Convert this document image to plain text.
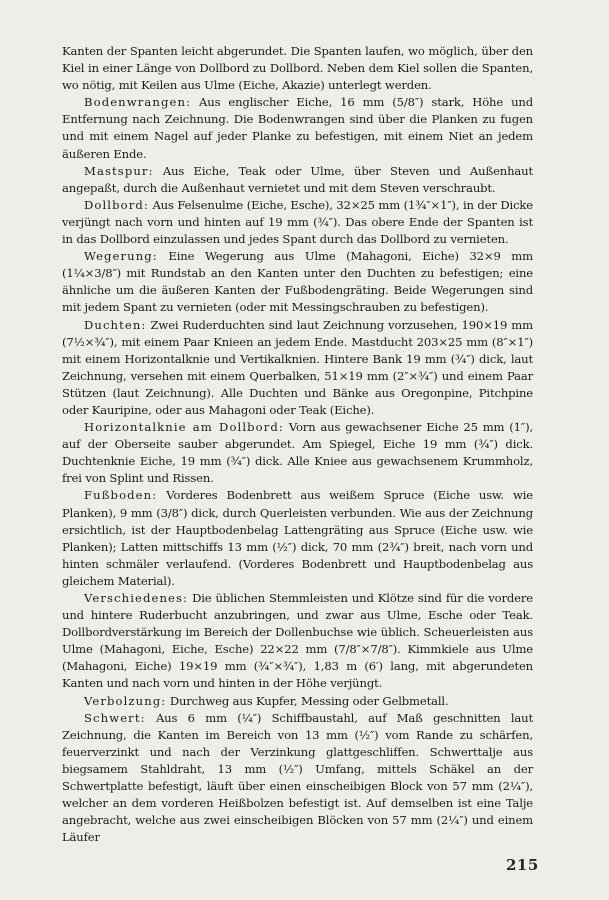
Kanten der Spanten leicht abgerundet. Die Spanten laufen, wo möglich, über den Kiel in einer Länge von Dollbord zu Dollbord. Neben dem Kiel sollen die Spanten, wo nötig, mit Keilen aus Ulme (Eiche, Akazie) unterlegt werden.

Bodenwrangen: Aus englischer Eiche, 16 mm (5/8″) stark, Höhe und Entfernung nach Zeichnung. Die Bodenwrangen sind über die Planken zu fugen und mit einem Nagel auf jeder Planke zu befestigen, mit einem Niet an jedem äußeren Ende.

Mastspur: Aus Eiche, Teak oder Ulme, über Steven und Außenhaut angepaßt, durch die Außenhaut vernietet und mit dem Steven verschraubt.

Dollbord: Aus Felsenulme (Eiche, Esche), 32×25 mm (1¾″×1″), in der Dicke verjüngt nach vorn und hinten auf 19 mm (¾″). Das obere Ende der Spanten ist in das Dollbord einzulassen und jedes Spant durch das Dollbord zu vernieten.

Wegerung: Eine Wegerung aus Ulme (Mahagoni, Eiche) 32×9 mm (1¼×3/8″) mit Rundstab an den Kanten unter den Duchten zu befestigen; eine ähnliche um die äußeren Kanten der Fußbodengräting. Beide Wegerungen sind mit jedem Spant zu vernieten (oder mit Messingschrauben zu befestigen).

Duchten: Zwei Ruderduchten sind laut Zeichnung vorzusehen, 190×19 mm (7½×¾″), mit einem Paar Knieen an jedem Ende. Mastducht 203×25 mm (8″×1″) mit einem Horizontalknie und Vertikalknien. Hintere Bank 19 mm (¾″) dick, laut Zeichnung, versehen mit einem Querbalken, 51×19 mm (2″×¾″) und einem Paar Stützen (laut Zeichnung). Alle Duchten und Bänke aus Oregonpine, Pitchpine oder Kauripine, oder aus Mahagoni oder Teak (Eiche).

Horizontalknie am Dollbord: Vorn aus gewachsener Eiche 25 mm (1″), auf der Oberseite sauber abgerundet. Am Spiegel, Eiche 19 mm (¾″) dick. Duchtenknie Eiche, 19 mm (¾″) dick. Alle Kniee aus gewachsenem Krummholz, frei von Splint und Rissen.

Fußboden: Vorderes Bodenbrett aus weißem Spruce (Eiche usw. wie Planken), 9 mm (3/8″) dick, durch Querleisten verbunden. Wie aus der Zeichnung ersichtlich, ist der Hauptbodenbelag Lattengräting aus Spruce (Eiche usw. wie Planken); Latten mittschiffs 13 mm (½″) dick, 70 mm (2¾″) breit, nach vorn und hinten schmäler verlaufend. (Vorderes Bodenbrett und Hauptbodenbelag aus gleichem Material).

Verschiedenes: Die üblichen Stemmleisten und Klötze sind für die vordere und hintere Ruderbucht anzubringen, und zwar aus Ulme, Esche oder Teak. Dollbordverstärkung im Bereich der Dollenbuchse wie üblich. Scheuerleisten aus Ulme (Mahagoni, Eiche, Esche) 22×22 mm (7/8″×7/8″). Kimmkiele aus Ulme (Mahagoni, Eiche) 19×19 mm (¾″×¾″), 1,83 m (6′) lang, mit abgerundeten Kanten und nach vorn und hinten in der Höhe verjüngt.

Verbolzung: Durchweg aus Kupfer, Messing oder Gelbmetall.

Schwert: Aus 6 mm (¼″) Schiffbaustahl, auf Maß geschnitten laut Zeichnung, die Kanten im Bereich von 13 mm (½″) vom Rande zu schärfen, feuerverzinkt und nach der Verzinkung glattgeschliffen. Schwerttalje aus biegsamem Stahldraht, 13 mm (½″) Umfang, mittels Schäkel an der Schwertplatte befestigt, läuft über einen einscheibigen Block von 57 mm (2¼″), welcher an dem vorderen Heißbolzen befestigt ist. Auf demselben ist eine Talje angebracht, welche aus zwei einscheibigen Blöcken von 57 mm (2¼″) und einem Läufer

215
